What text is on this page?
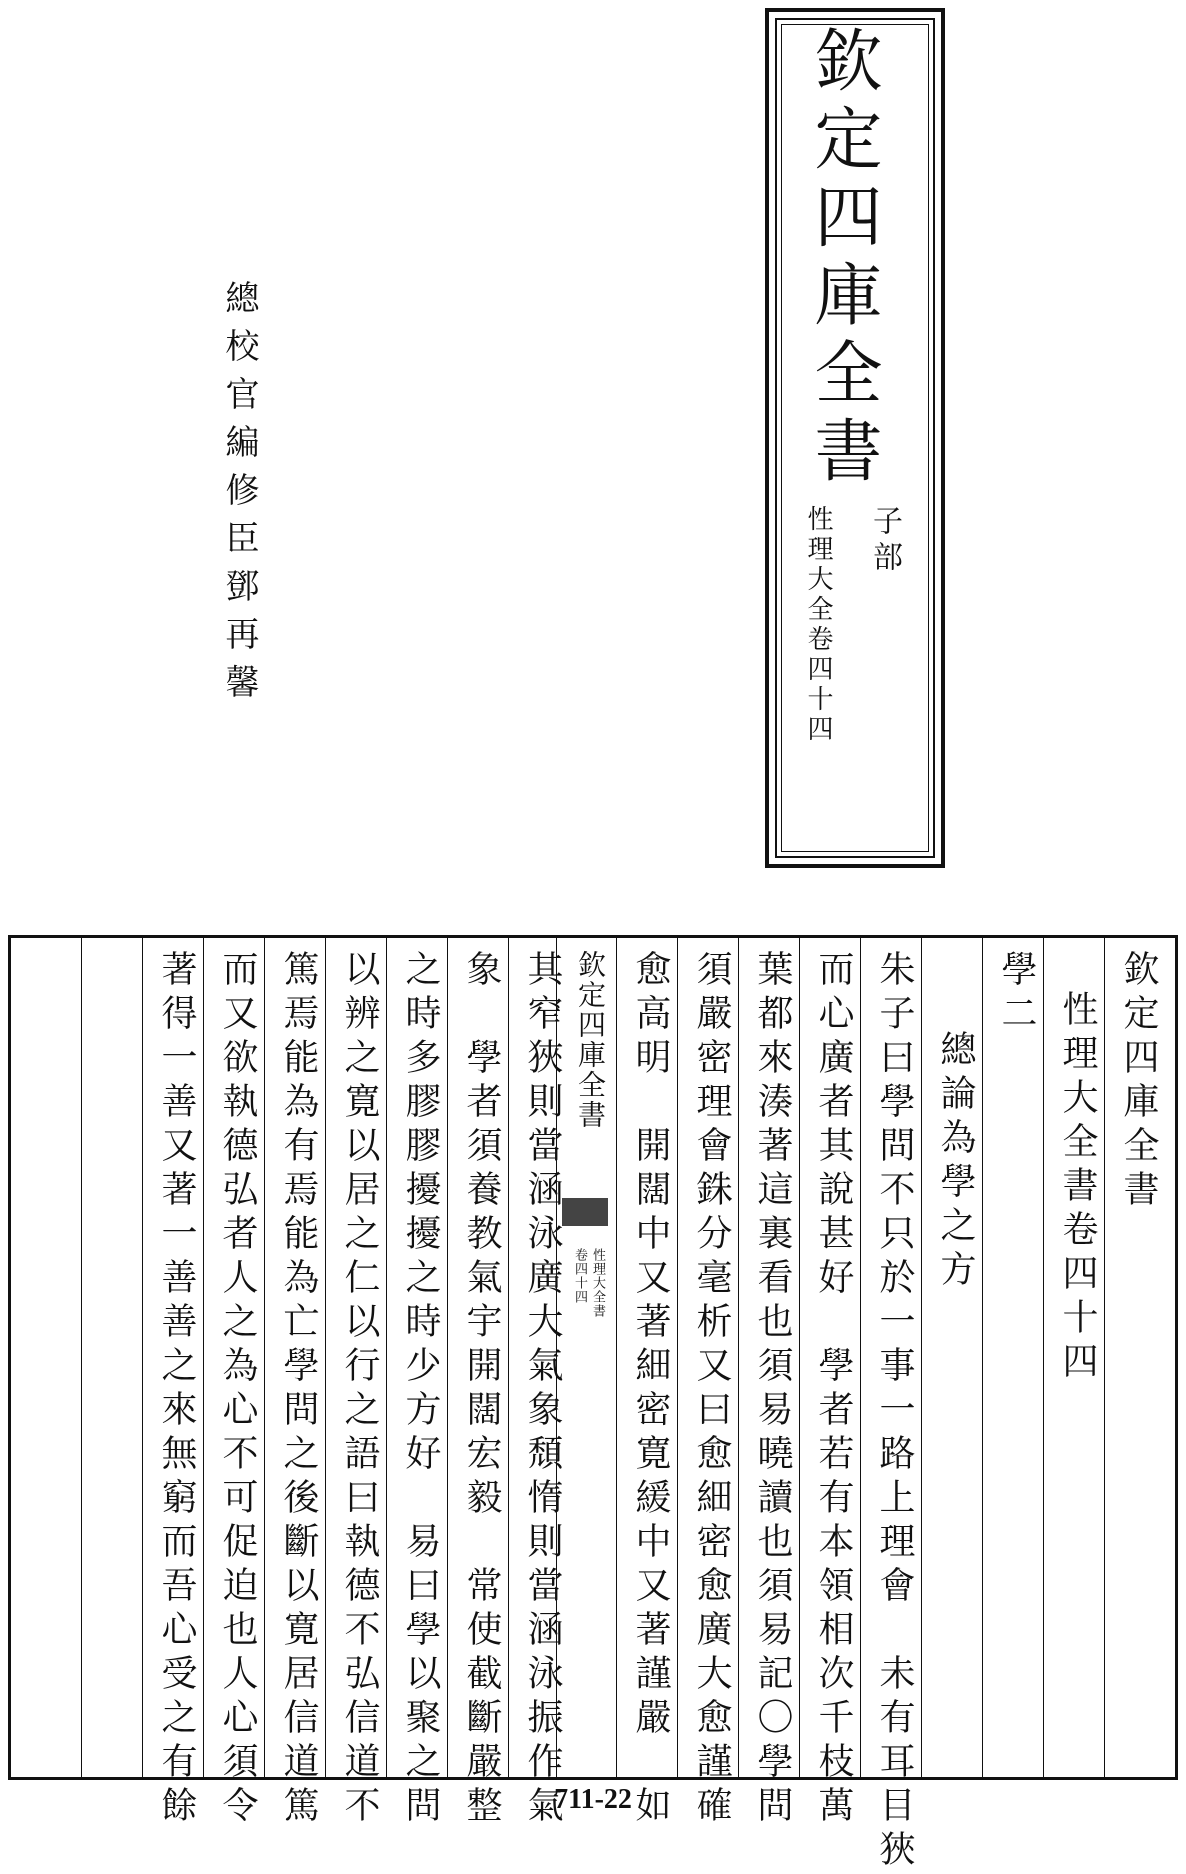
欽定四庫全書
性理大全卷四十四 子部
總校官編修臣鄧再馨
欽定四庫全書
性理大全書卷四十四
學二
總論為學之方
朱子曰學問不只於一事一路上理會　未有耳目狹
而心廣者其說甚好　學者若有本領相次千枝萬
葉都來湊著這裏看也須易曉讀也須易記〇學問
須嚴密理會銖分毫析又曰愈細密愈廣大愈謹確
愈高明　開闊中又著細密寛緩中又著謹嚴　如
欽定四庫全書
性理大全書
卷四十四
其窄狹則當涵泳廣大氣象頹惰則當涵泳振作氣
象　學者須養教氣宇開闊宏毅　常使截斷嚴整
之時多膠膠擾擾之時少方好　易曰學以聚之問
以辨之寛以居之仁以行之語曰執德不弘信道不
篤焉能為有焉能為亡學問之後斷以寛居信道篤
而又欲執德弘者人之為心不可促迫也人心須令
著得一善又著一善善之來無窮而吾心受之有餘	711-22
